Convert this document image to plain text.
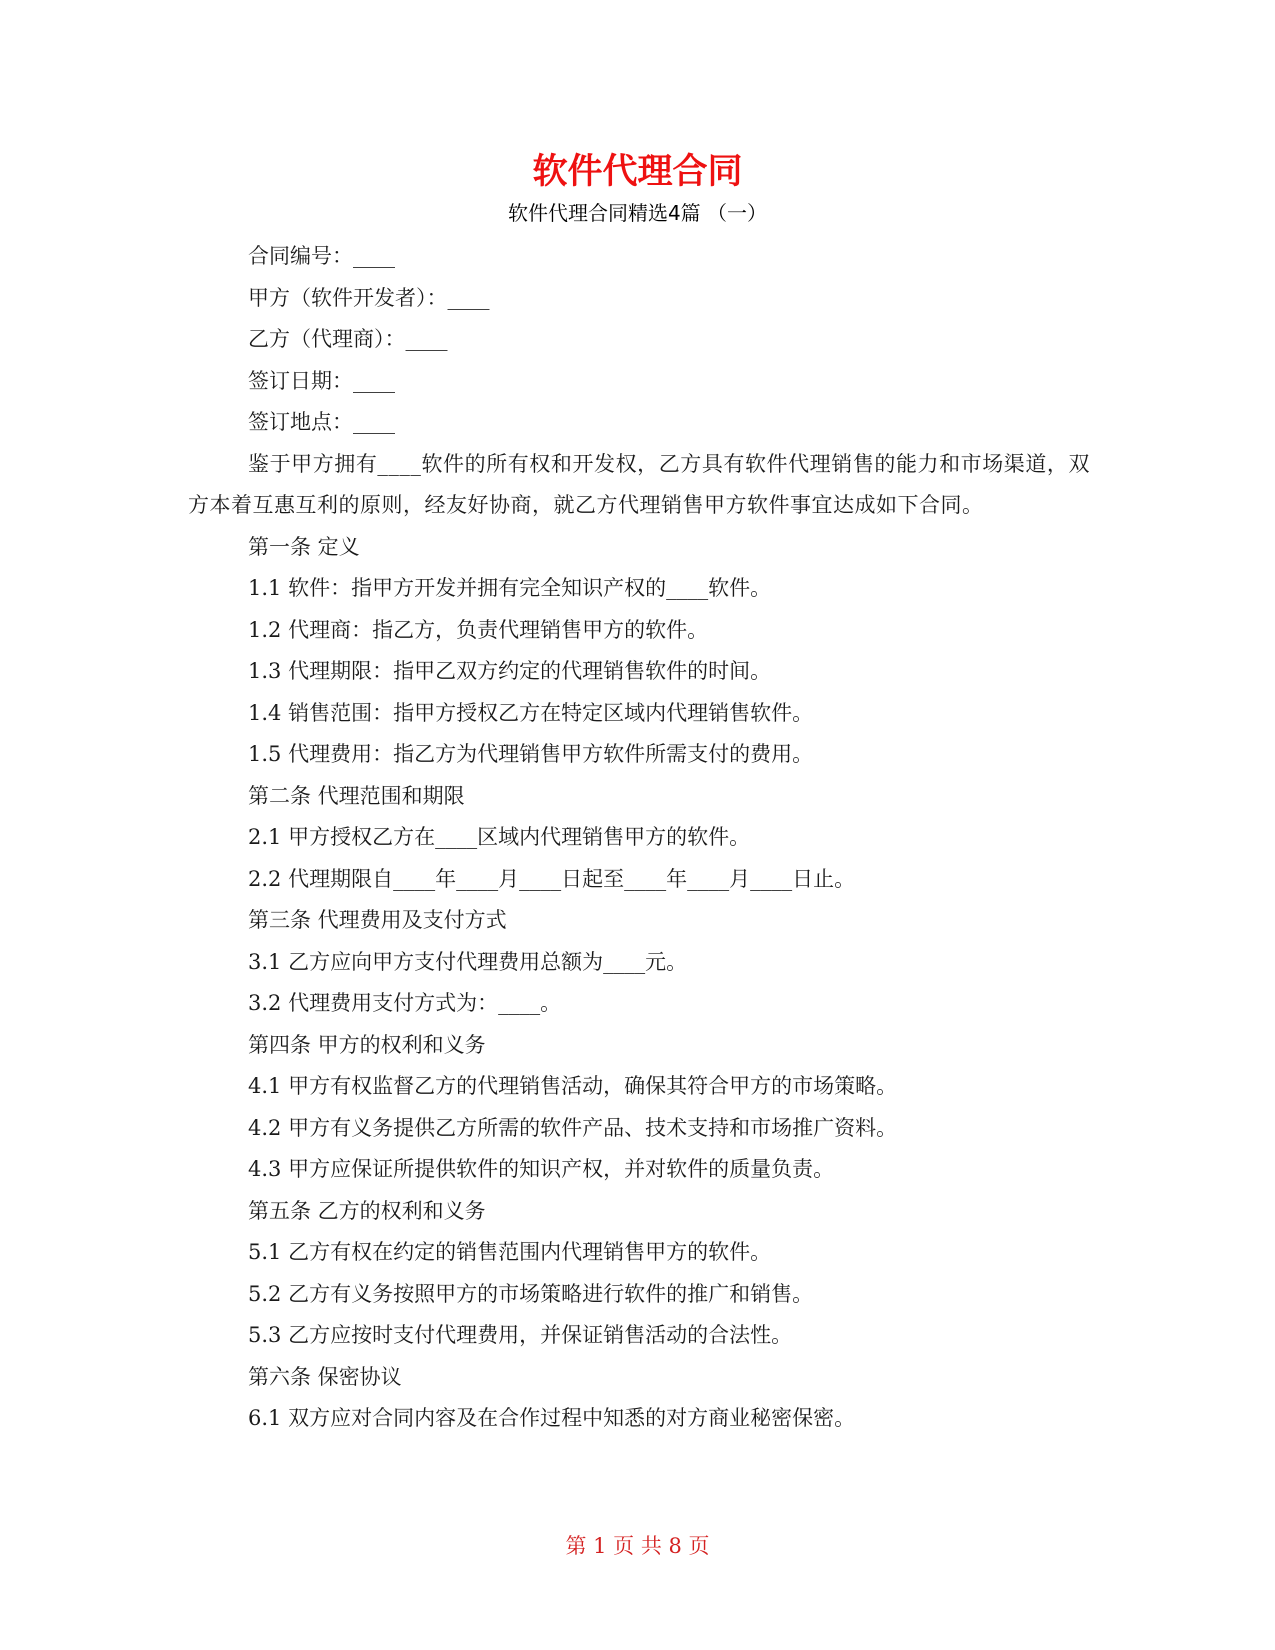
软件代理合同
软件代理合同精选4篇 （一）

合同编号：____

甲方（软件开发者）：____

乙方（代理商）：____

签订日期：____

签订地点：____

鉴于甲方拥有____软件的所有权和开发权，乙方具有软件代理销售的能力和市场渠道，双方本着互惠互利的原则，经友好协商，就乙方代理销售甲方软件事宜达成如下合同。

第一条 定义

1.1 软件：指甲方开发并拥有完全知识产权的____软件。

1.2 代理商：指乙方，负责代理销售甲方的软件。

1.3 代理期限：指甲乙双方约定的代理销售软件的时间。

1.4 销售范围：指甲方授权乙方在特定区域内代理销售软件。

1.5 代理费用：指乙方为代理销售甲方软件所需支付的费用。

第二条 代理范围和期限

2.1 甲方授权乙方在____区域内代理销售甲方的软件。

2.2 代理期限自____年____月____日起至____年____月____日止。

第三条 代理费用及支付方式

3.1 乙方应向甲方支付代理费用总额为____元。

3.2 代理费用支付方式为：____。

第四条 甲方的权利和义务

4.1 甲方有权监督乙方的代理销售活动，确保其符合甲方的市场策略。

4.2 甲方有义务提供乙方所需的软件产品、技术支持和市场推广资料。

4.3 甲方应保证所提供软件的知识产权，并对软件的质量负责。

第五条 乙方的权利和义务

5.1 乙方有权在约定的销售范围内代理销售甲方的软件。

5.2 乙方有义务按照甲方的市场策略进行软件的推广和销售。

5.3 乙方应按时支付代理费用，并保证销售活动的合法性。

第六条 保密协议

6.1 双方应对合同内容及在合作过程中知悉的对方商业秘密保密。

第 1 页 共 8 页
